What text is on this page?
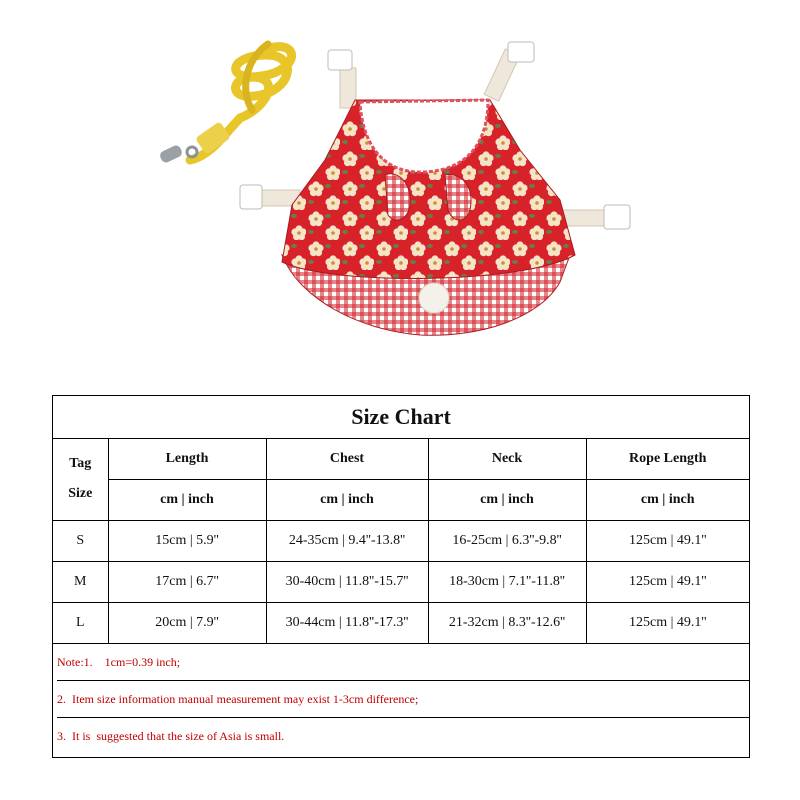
Size Chart
Tag
Size	Length	Chest	Neck	Rope Length
	cm | inch	cm | inch	cm | inch	cm | inch
S	15cm | 5.9''	24-35cm | 9.4''-13.8''	16-25cm | 6.3''-9.8''	125cm | 49.1''
M	17cm | 6.7''	30-40cm | 11.8''-15.7''	18-30cm | 7.1''-11.8''	125cm | 49.1''
L	20cm | 7.9''	30-44cm | 11.8''-17.3''	21-32cm | 8.3''-12.6''	125cm | 49.1''
Note:1.    1cm=0.39 inch;
2.  Item size information manual measurement may exist 1-3cm difference;
3.  It is  suggested that the size of Asia is small.
